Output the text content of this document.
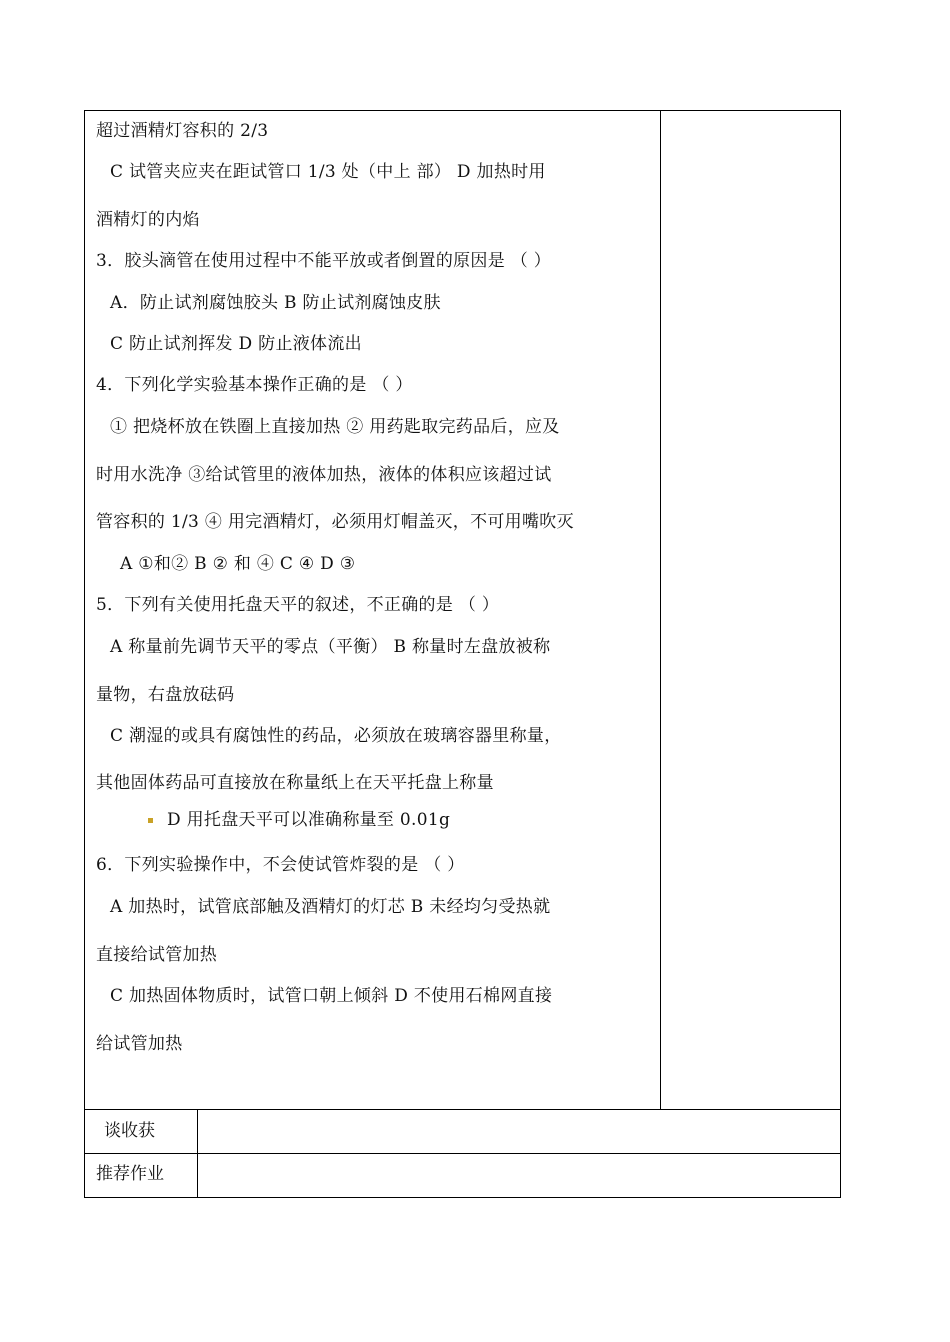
超过酒精灯容积的 2/3
C 试管夹应夹在距试管口 1/3 处（中上 部） D 加热时用
酒精灯的内焰
3．胶头滴管在使用过程中不能平放或者倒置的原因是 （ ）
A．防止试剂腐蚀胶头 B 防止试剂腐蚀皮肤
C 防止试剂挥发 D 防止液体流出
4．下列化学实验基本操作正确的是 （ ）
① 把烧杯放在铁圈上直接加热 ② 用药匙取完药品后，应及
时用水洗净 ③给试管里的液体加热，液体的体积应该超过试
管容积的 1/3 ④ 用完酒精灯，必须用灯帽盖灭，不可用嘴吹灭
A ①和② B ② 和 ④ C ④ D ③
5．下列有关使用托盘天平的叙述，不正确的是 （ ）
A 称量前先调节天平的零点（平衡） B 称量时左盘放被称
量物，右盘放砝码
C 潮湿的或具有腐蚀性的药品，必须放在玻璃容器里称量，
其他固体药品可直接放在称量纸上在天平托盘上称量
D 用托盘天平可以准确称量至 0.01g
6．下列实验操作中，不会使试管炸裂的是 （ ）
A 加热时，试管底部触及酒精灯的灯芯 B 未经均匀受热就
直接给试管加热
C 加热固体物质时，试管口朝上倾斜 D 不使用石棉网直接
给试管加热
谈收获
推荐作业
